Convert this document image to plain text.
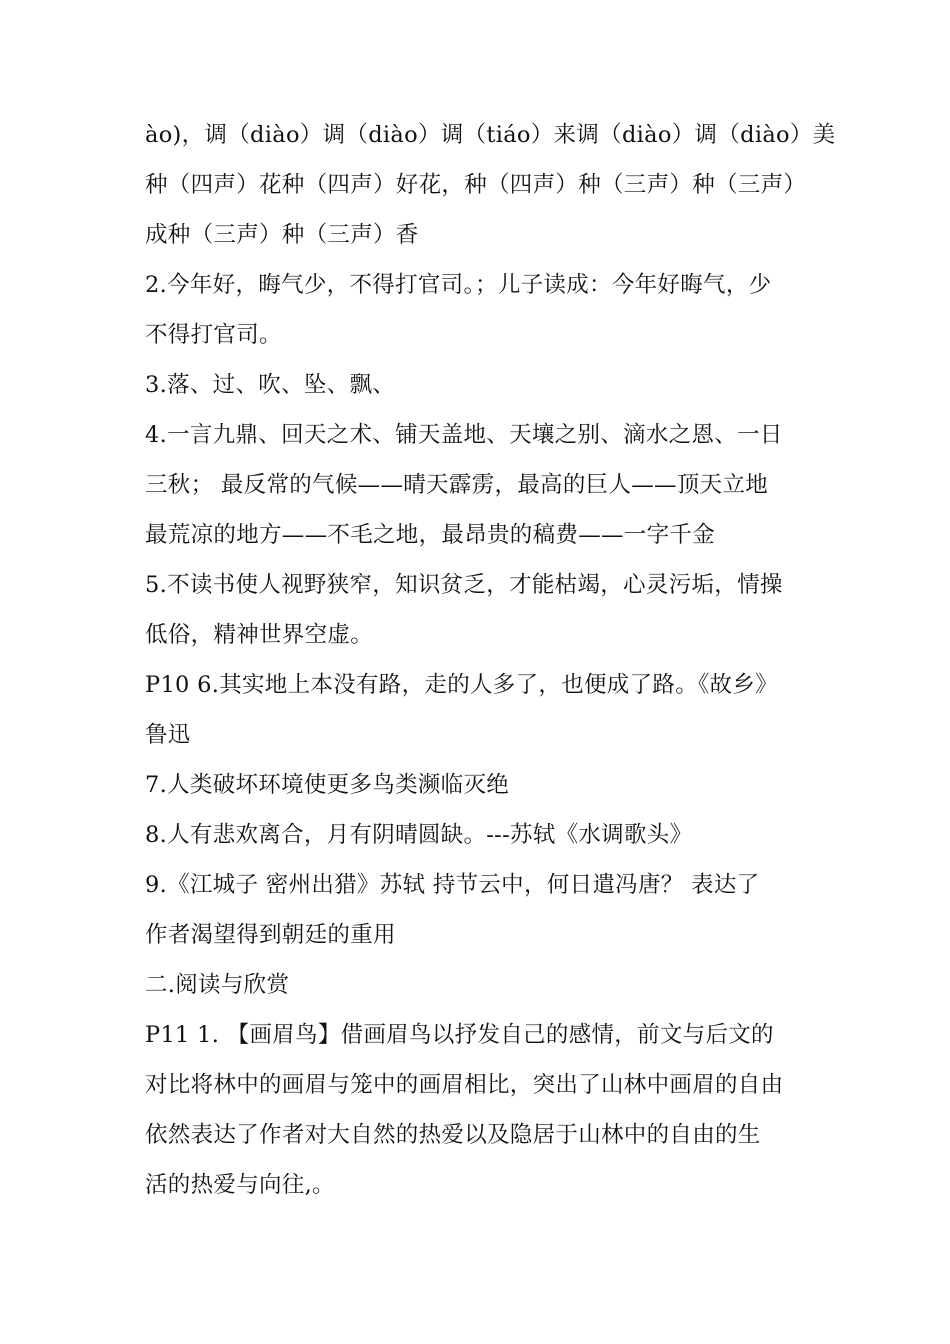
ào)，调（diào）调（diào）调（tiáo）来调（diào）调（diào）美
种（四声）花种（四声）好花，种（四声）种（三声）种（三声）
成种（三声）种（三声）香
2.今年好，晦气少，不得打官司。；儿子读成：今年好晦气，少
不得打官司。
3.落、过、吹、坠、飘、
4.一言九鼎、回天之术、铺天盖地、天壤之别、滴水之恩、一日
三秋； 最反常的气候——晴天霹雳，最高的巨人——顶天立地
最荒凉的地方——不毛之地，最昂贵的稿费——一字千金
5.不读书使人视野狭窄，知识贫乏，才能枯竭，心灵污垢，情操
低俗，精神世界空虚。
P10 6.其实地上本没有路，走的人多了，也便成了路。《故乡》
鲁迅
7.人类破坏环境使更多鸟类濒临灭绝
8.人有悲欢离合，月有阴晴圆缺。---苏轼《水调歌头》
9.《江城子 密州出猎》苏轼 持节云中，何日遣冯唐？ 表达了
作者渴望得到朝廷的重用
二.阅读与欣赏
P11 1. 【画眉鸟】借画眉鸟以抒发自己的感情，前文与后文的
对比将林中的画眉与笼中的画眉相比，突出了山林中画眉的自由
依然表达了作者对大自然的热爱以及隐居于山林中的自由的生
活的热爱与向往,。
